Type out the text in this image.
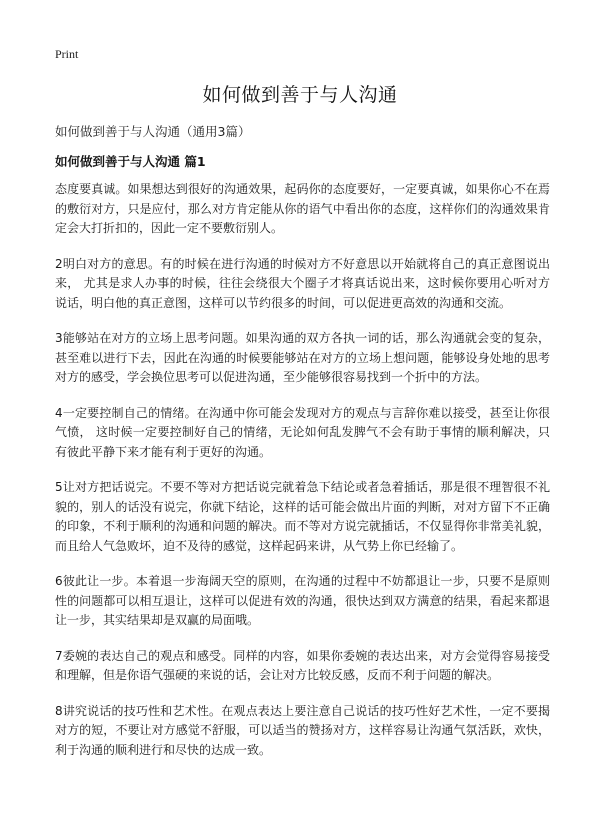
Print
如何做到善于与人沟通
如何做到善于与人沟通（通用3篇）
如何做到善于与人沟通 篇1

态度要真诚。如果想达到很好的沟通效果，起码你的态度要好，一定要真诚，如果你心不在焉的敷衍对方，只是应付，那么对方肯定能从你的语气中看出你的态度，这样你们的沟通效果肯定会大打折扣的，因此一定不要敷衍别人。

2明白对方的意思。有的时候在进行沟通的时候对方不好意思以开始就将自己的真正意图说出来， 尤其是求人办事的时候，往往会绕很大个圈子才将真话说出来，这时候你要用心听对方说话，明白他的真正意图，这样可以节约很多的时间，可以促进更高效的沟通和交流。

3能够站在对方的立场上思考问题。如果沟通的双方各执一词的话，那么沟通就会变的复杂，甚至难以进行下去，因此在沟通的时候要能够站在对方的立场上想问题，能够设身处地的思考对方的感受，学会换位思考可以促进沟通，至少能够很容易找到一个折中的方法。

4一定要控制自己的情绪。在沟通中你可能会发现对方的观点与言辞你难以接受，甚至让你很气愤， 这时候一定要控制好自己的情绪，无论如何乱发脾气不会有助于事情的顺利解决，只有彼此平静下来才能有利于更好的沟通。

5让对方把话说完。不要不等对方把话说完就着急下结论或者急着插话，那是很不理智很不礼貌的，别人的话没有说完，你就下结论，这样的话可能会做出片面的判断，对对方留下不正确的印象，不利于顺利的沟通和问题的解决。而不等对方说完就插话，不仅显得你非常美礼貌，而且给人气急败坏，迫不及待的感觉，这样起码来讲，从气势上你已经输了。

6彼此让一步。本着退一步海阔天空的原则，在沟通的过程中不妨都退让一步，只要不是原则性的问题都可以相互退让，这样可以促进有效的沟通，很快达到双方满意的结果，看起来都退让一步，其实结果却是双赢的局面哦。

7委婉的表达自己的观点和感受。同样的内容，如果你委婉的表达出来，对方会觉得容易接受和理解，但是你语气强硬的来说的话，会让对方比较反感，反而不利于问题的解决。

8讲究说话的技巧性和艺术性。在观点表达上要注意自己说话的技巧性好艺术性，一定不要揭对方的短，不要让对方感觉不舒服，可以适当的赞扬对方，这样容易让沟通气氛活跃，欢快，利于沟通的顺利进行和尽快的达成一致。
